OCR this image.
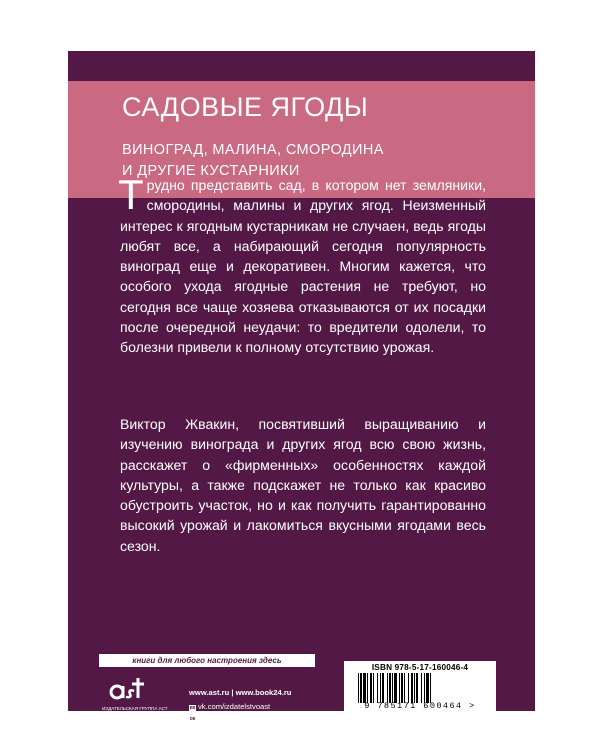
САДОВЫЕ ЯГОДЫ
ВИНОГРАД, МАЛИНА, СМОРОДИНА
И ДРУГИЕ КУСТАРНИКИ
Трудно представить сад, в котором нет земляники, смородины, малины и других ягод. Неизменный интерес к ягодным кустарникам не случаен, ведь ягоды любят все, а набирающий сегодня популярность виноград еще и декоративен. Многим кажется, что особого ухода ягодные растения не требуют, но сегодня все чаще хозяева отказываются от их посадки после очередной неудачи: то вредители одолели, то болезни привели к полному отсутствию урожая.
Виктор Жвакин, посвятивший выращиванию и изучению винограда и других ягод всю свою жизнь, расскажет о «фирменных» особенностях каждой культуры, а также подскажет не только как красиво обустроить участок, но и как получить гарантированно высокий урожай и лакомиться вкусными ягодами весь сезон.
книги для любого настроения здесь
ИЗДАТЕЛЬСКАЯ ГРУППА АСТ
www.ast.ru | www.book24.ru
вк vk.com/izdatelstvoast
ок ok.ru/izdatelstvoast
ISBN 978-5-17-160046-4
9 785171 600464 >
